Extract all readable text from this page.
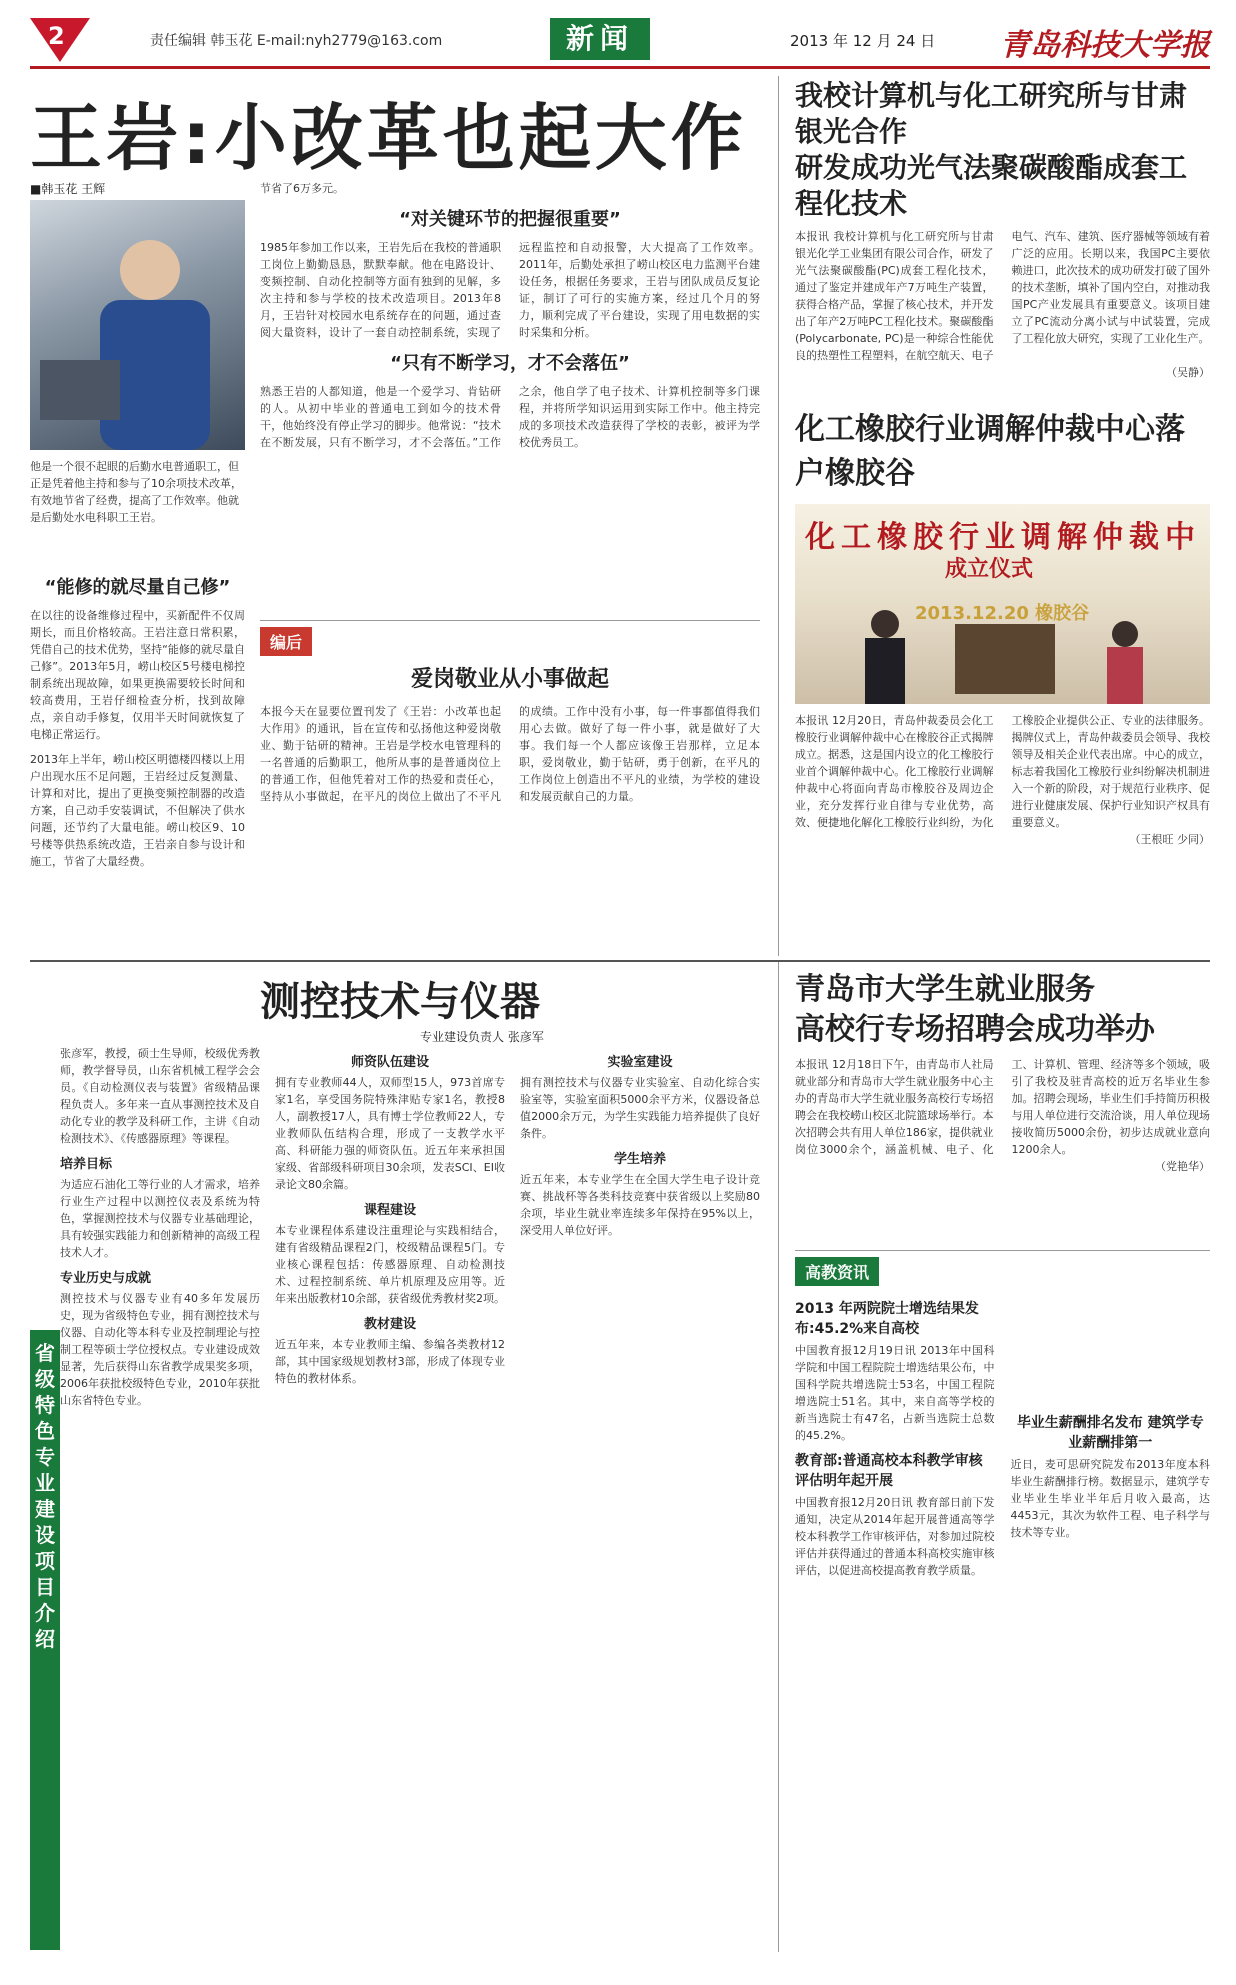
2	责任编辑 韩玉花 E-mail:nyh2779@163.com	新闻	2013 年 12 月 24 日 青岛科技大学报
王岩:小改革也起大作
■韩玉花 王辉
他是一个很不起眼的后勤水电普通职工，但正是凭着他主持和参与了10余项技术改革，有效地节省了经费，提高了工作效率。他就是后勤处水电科职工王岩。
“能修的就尽量自己修”
在以往的设备维修过程中，买新配件不仅周期长，而且价格较高。王岩注意日常积累，凭借自己的技术优势，坚持“能修的就尽量自己修”。2013年5月，崂山校区5号楼电梯控制系统出现故障，如果更换需要较长时间和较高费用，王岩仔细检查分析，找到故障点，亲自动手修复，仅用半天时间就恢复了电梯正常运行。
2013年上半年，崂山校区明德楼四楼以上用户出现水压不足问题，王岩经过反复测量、计算和对比，提出了更换变频控制器的改造方案，自己动手安装调试，不但解决了供水问题，还节约了大量电能。崂山校区9、10号楼等供热系统改造，王岩亲自参与设计和施工，节省了大量经费。
节省了6万多元。
“对关键环节的把握很重要”
1985年参加工作以来，王岩先后在我校的普通职工岗位上勤勤恳恳，默默奉献。他在电路设计、变频控制、自动化控制等方面有独到的见解，多次主持和参与学校的技术改造项目。2013年8月，王岩针对校园水电系统存在的问题，通过查阅大量资料，设计了一套自动控制系统，实现了远程监控和自动报警，大大提高了工作效率。2011年，后勤处承担了崂山校区电力监测平台建设任务，根据任务要求，王岩与团队成员反复论证，制订了可行的实施方案，经过几个月的努力，顺利完成了平台建设，实现了用电数据的实时采集和分析。
“只有不断学习，才不会落伍”
熟悉王岩的人都知道，他是一个爱学习、肯钻研的人。从初中毕业的普通电工到如今的技术骨干，他始终没有停止学习的脚步。他常说：“技术在不断发展，只有不断学习，才不会落伍。”工作之余，他自学了电子技术、计算机控制等多门课程，并将所学知识运用到实际工作中。他主持完成的多项技术改造获得了学校的表彰，被评为学校优秀员工。
编后
爱岗敬业从小事做起
本报今天在显要位置刊发了《王岩：小改革也起大作用》的通讯，旨在宣传和弘扬他这种爱岗敬业、勤于钻研的精神。王岩是学校水电管理科的一名普通的后勤职工，他所从事的是普通岗位上的普通工作，但他凭着对工作的热爱和责任心，坚持从小事做起，在平凡的岗位上做出了不平凡的成绩。工作中没有小事，每一件事都值得我们用心去做。做好了每一件小事，就是做好了大事。我们每一个人都应该像王岩那样，立足本职，爱岗敬业，勤于钻研，勇于创新，在平凡的工作岗位上创造出不平凡的业绩，为学校的建设和发展贡献自己的力量。
我校计算机与化工研究所与甘肃银光合作
研发成功光气法聚碳酸酯成套工程化技术
本报讯 我校计算机与化工研究所与甘肃银光化学工业集团有限公司合作，研发了光气法聚碳酸酯(PC)成套工程化技术，通过了鉴定并建成年产7万吨生产装置，获得合格产品，掌握了核心技术，并开发出了年产2万吨PC工程化技术。聚碳酸酯(Polycarbonate, PC)是一种综合性能优良的热塑性工程塑料，在航空航天、电子电气、汽车、建筑、医疗器械等领域有着广泛的应用。长期以来，我国PC主要依赖进口，此次技术的成功研发打破了国外的技术垄断，填补了国内空白，对推动我国PC产业发展具有重要意义。该项目建立了PC流动分离小试与中试装置，完成了工程化放大研究，实现了工业化生产。
（吴静）
化工橡胶行业调解仲裁中心落户橡胶谷
化工橡胶行业调解仲裁中
成立仪式
2013.12.20 橡胶谷
本报讯 12月20日，青岛仲裁委员会化工橡胶行业调解仲裁中心在橡胶谷正式揭牌成立。据悉，这是国内设立的化工橡胶行业首个调解仲裁中心。化工橡胶行业调解仲裁中心将面向青岛市橡胶谷及周边企业，充分发挥行业自律与专业优势，高效、便捷地化解化工橡胶行业纠纷，为化工橡胶企业提供公正、专业的法律服务。揭牌仪式上，青岛仲裁委员会领导、我校领导及相关企业代表出席。中心的成立，标志着我国化工橡胶行业纠纷解决机制进入一个新的阶段，对于规范行业秩序、促进行业健康发展、保护行业知识产权具有重要意义。
（王根旺 少同）
测控技术与仪器
专业建设负责人 张彦军
张彦军，教授，硕士生导师，校级优秀教师，教学督导员，山东省机械工程学会会员。《自动检测仪表与装置》省级精品课程负责人。多年来一直从事测控技术及自动化专业的教学及科研工作，主讲《自动检测技术》、《传感器原理》等课程。
培养目标
为适应石油化工等行业的人才需求，培养行业生产过程中以测控仪表及系统为特色，掌握测控技术与仪器专业基础理论，具有较强实践能力和创新精神的高级工程技术人才。
专业历史与成就
测控技术与仪器专业有40多年发展历史，现为省级特色专业，拥有测控技术与仪器、自动化等本科专业及控制理论与控制工程等硕士学位授权点。专业建设成效显著，先后获得山东省教学成果奖多项，2006年获批校级特色专业，2010年获批山东省特色专业。
省级特色专业建设项目介绍
师资队伍建设
拥有专业教师44人，双师型15人，973首席专家1名，享受国务院特殊津贴专家1名，教授8人，副教授17人，具有博士学位教师22人，专业教师队伍结构合理，形成了一支教学水平高、科研能力强的师资队伍。近五年来承担国家级、省部级科研项目30余项，发表SCI、EI收录论文80余篇。
课程建设
本专业课程体系建设注重理论与实践相结合，建有省级精品课程2门，校级精品课程5门。专业核心课程包括：传感器原理、自动检测技术、过程控制系统、单片机原理及应用等。近年来出版教材10余部，获省级优秀教材奖2项。
教材建设
近五年来，本专业教师主编、参编各类教材12部，其中国家级规划教材3部，形成了体现专业特色的教材体系。
实验室建设
拥有测控技术与仪器专业实验室、自动化综合实验室等，实验室面积5000余平方米，仪器设备总值2000余万元，为学生实践能力培养提供了良好条件。
学生培养
近五年来，本专业学生在全国大学生电子设计竞赛、挑战杯等各类科技竞赛中获省级以上奖励80余项，毕业生就业率连续多年保持在95%以上，深受用人单位好评。
青岛市大学生就业服务
高校行专场招聘会成功举办
本报讯 12月18日下午，由青岛市人社局就业部分和青岛市大学生就业服务中心主办的青岛市大学生就业服务高校行专场招聘会在我校崂山校区北院篮球场举行。本次招聘会共有用人单位186家，提供就业岗位3000余个，涵盖机械、电子、化工、计算机、管理、经济等多个领域，吸引了我校及驻青高校的近万名毕业生参加。招聘会现场，毕业生们手持简历积极与用人单位进行交流洽谈，用人单位现场接收简历5000余份，初步达成就业意向1200余人。
（党艳华）
高教资讯
2013 年两院院士增选结果发布:45.2%来自高校
中国教育报12月19日讯 2013年中国科学院和中国工程院院士增选结果公布，中国科学院共增选院士53名，中国工程院增选院士51名。其中，来自高等学校的新当选院士有47名，占新当选院士总数的45.2%。
教育部:普通高校本科教学审核评估明年起开展
中国教育报12月20日讯 教育部日前下发通知，决定从2014年起开展普通高等学校本科教学工作审核评估，对参加过院校评估并获得通过的普通本科高校实施审核评估，以促进高校提高教育教学质量。
毕业生薪酬排名发布 建筑学专业薪酬排第一
近日，麦可思研究院发布2013年度本科毕业生薪酬排行榜。数据显示，建筑学专业毕业生毕业半年后月收入最高，达4453元，其次为软件工程、电子科学与技术等专业。
